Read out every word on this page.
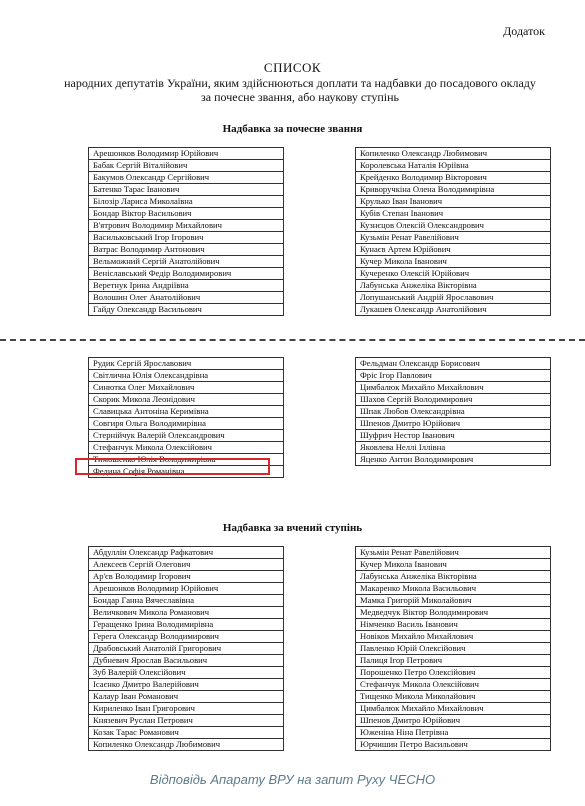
Додаток
СПИСОК
народних депутатів України, яким здійснюються доплати та надбавки до посадового окладу за почесне звання, або наукову ступінь
Надбавка за почесне звання
Арешонков Володимир Юрійович
Бабак Сергій Віталійович
Бакумов Олександр Сергійович
Батенко Тарас Іванович
Білозір Лариса Миколаївна
Бондар Віктор Васильович
В'ятрович Володимир Михайлович
Васильковський Ігор Ігорович
Ватрас Володимир Антонович
Вельможний Сергій Анатолійович
Веніславський Федір Володимирович
Веретнук Ірина Андріївна
Волошин Олег Анатолійович
Гайду Олександр Васильович
Копиленко Олександр Любимович
Королевська Наталія Юріївна
Крейденко Володимир Вікторович
Криворучкіна Олена Володимирівна
Крулько Іван Іванович
Кубів Степан Іванович
Кузнєцов Олексій Олександрович
Кузьмін Ренат Равелійович
Кунаєв Артем Юрійович
Кучер Микола Іванович
Кучеренко Олексій Юрійович
Лабунська Анжеліка Вікторівна
Лопушанський Андрій Ярославович
Лукашев Олександр Анатолійович
Рудик Сергій Ярославович
Світлична Юлія Олександрівна
Синютка Олег Михайлович
Скорик Микола Леонідович
Славицька Антоніна Керимівна
Совгиря Ольга Володимирівна
Стернійчук Валерій Олександрович
Стефанчук Микола Олексійович
Тимошенко Юлія Володимирівна
Федина Софія Романівна
Фельдман Олександр Борисович
Фріс Ігор Павлович
Цимбалюк Михайло Михайлович
Шахов Сергій Володимирович
Шпак Любов Олександрівна
Шпенов Дмитро Юрійович
Шуфрич Нестор Іванович
Яковлева Неллі Іллівна
Яценко Антон Володимирович
Надбавка за вчений ступінь
Абдуллін Олександр Рафкатович
Алексеєв Сергій Олегович
Ар'єв Володимир Ігорович
Арешонков Володимир Юрійович
Бондар Ганна Вячеславівна
Величкович Микола Романович
Геращенко Ірина Володимирівна
Герега Олександр Володимирович
Драбовський Анатолій Григорович
Дубневич Ярослав Васильович
Зуб Валерій Олексійович
Ісаєнко Дмитро Валерійович
Калаур Іван Романович
Кириленко Іван Григорович
Князевич Руслан Петрович
Козак Тарас Романович
Копиленко Олександр Любимович
Кузьмін Ренат Равелійович
Кучер Микола Іванович
Лабунська Анжеліка Вікторівна
Макаренко Микола Васильович
Мамка Григорій Миколайович
Медведчук Віктор Володимирович
Німченко Василь Іванович
Новіков Михайло Михайлович
Павленко Юрій Олексійович
Палиця Ігор Петрович
Порошенко Петро Олексійович
Стефанчук Микола Олексійович
Тищенко Микола Миколайович
Цимбалюк Михайло Михайлович
Шпенов Дмитро Юрійович
Юженіна Ніна Петрівна
Юрчишин Петро Васильович
Відповідь Апарату ВРУ на запит Руху ЧЕСНО
